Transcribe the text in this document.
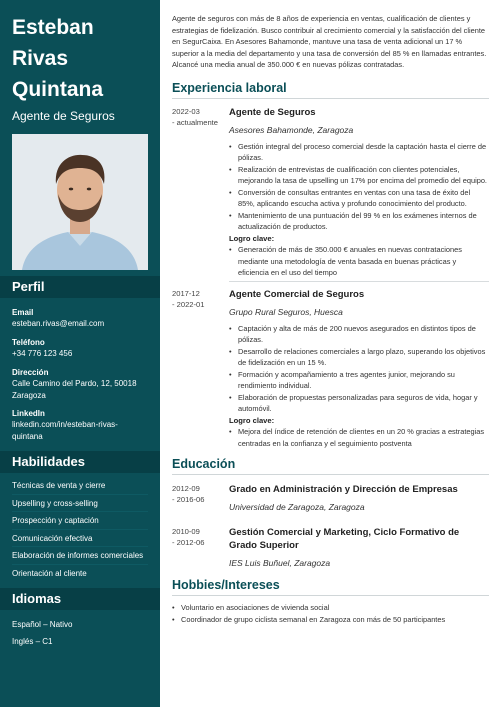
Esteban
Rivas
Quintana
Agente de Seguros
Perfil
Email
esteban.rivas@email.com
Teléfono
+34 776 123 456
Dirección
Calle Camino del Pardo, 12, 50018 Zaragoza
LinkedIn
linkedin.com/in/esteban-rivas-quintana
Habilidades
Técnicas de venta y cierre
Upselling y cross-selling
Prospección y captación
Comunicación efectiva
Elaboración de informes comerciales
Orientación al cliente
Idiomas
Español – Nativo
Inglés – C1
Agente de seguros con más de 8 años de experiencia en ventas, cualificación de clientes y estrategias de fidelización. Busco contribuir al crecimiento comercial y la satisfacción del cliente en SegurCaixa. En Asesores Bahamonde, mantuve una tasa de venta adicional un 17 % superior a la media del departamento y una tasa de conversión del 85 % en llamadas entrantes. Alcancé una media anual de 350.000 € en nuevas pólizas contratadas.
Experiencia laboral
2022-03
- actualmente
Agente de Seguros
Asesores Bahamonde, Zaragoza
• Gestión integral del proceso comercial desde la captación hasta el cierre de pólizas.
• Realización de entrevistas de cualificación con clientes potenciales, mejorando la tasa de upselling un 17% por encima del promedio del equipo.
• Conversión de consultas entrantes en ventas con una tasa de éxito del 85%, aplicando escucha activa y profundo conocimiento del producto.
• Mantenimiento de una puntuación del 99 % en los exámenes internos de actualización de productos.
Logro clave:
• Generación de más de 350.000 € anuales en nuevas contrataciones mediante una metodología de venta basada en buenas prácticas y eficiencia en el uso del tiempo
2017-12
- 2022-01
Agente Comercial de Seguros
Grupo Rural Seguros, Huesca
• Captación y alta de más de 200 nuevos asegurados en distintos tipos de pólizas.
• Desarrollo de relaciones comerciales a largo plazo, superando los objetivos de fidelización en un 15 %.
• Formación y acompañamiento a tres agentes junior, mejorando su rendimiento individual.
• Elaboración de propuestas personalizadas para seguros de vida, hogar y automóvil.
Logro clave:
• Mejora del índice de retención de clientes en un 20 % gracias a estrategias centradas en la confianza y el seguimiento postventa
Educación
2012-09
- 2016-06
Grado en Administración y Dirección de Empresas
Universidad de Zaragoza, Zaragoza
2010-09
- 2012-06
Gestión Comercial y Marketing, Ciclo Formativo de Grado Superior
IES Luis Buñuel, Zaragoza
Hobbies/Intereses
• Voluntario en asociaciones de vivienda social
• Coordinador de grupo ciclista semanal en Zaragoza con más de 50 participantes
